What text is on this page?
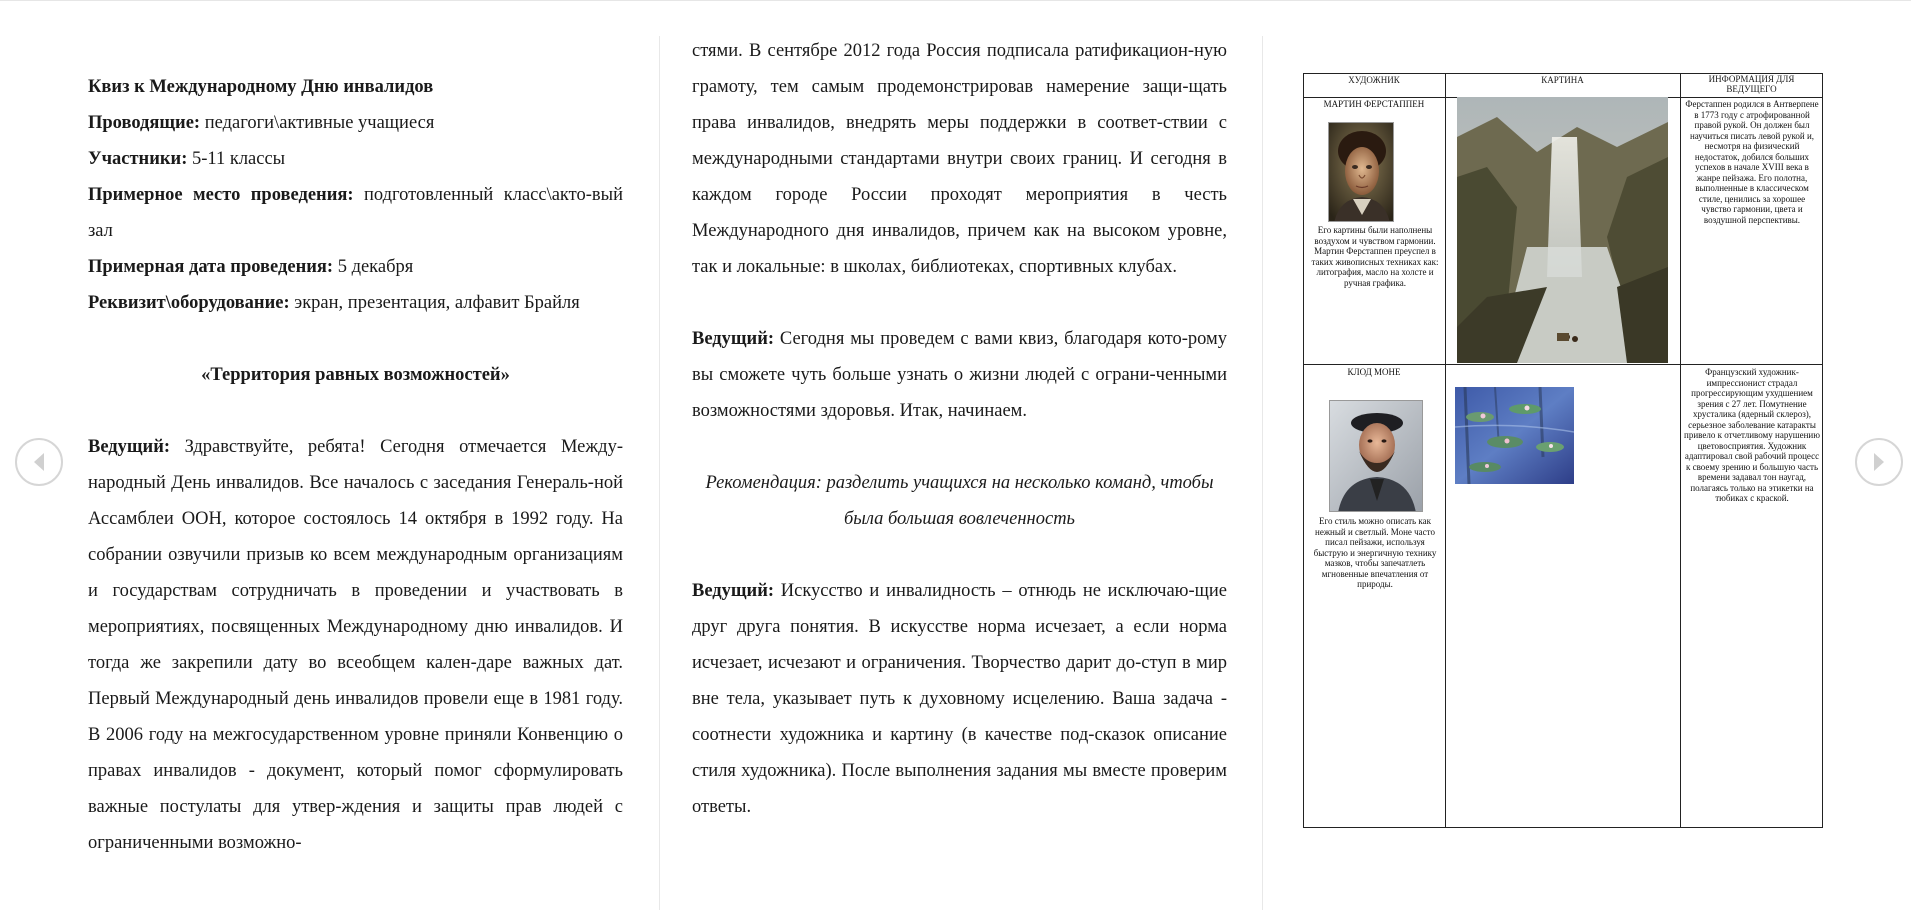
Квиз к Международному Дню инвалидов

Проводящие: педагоги\активные учащиеся

Участники: 5-11 классы

Примерное место проведения: подготовленный класс\акто-вый зал

Примерная дата проведения: 5 декабря

Реквизит\оборудование: экран, презентация, алфавит Брайля

«Территория равных возможностей»

Ведущий: Здравствуйте, ребята! Сегодня отмечается Между-народный День инвалидов. Все началось с заседания Генераль-ной Ассамблеи ООН, которое состоялось 14 октября в 1992 году. На собрании озвучили призыв ко всем международным организациям и государствам сотрудничать в проведении и участвовать в мероприятиях, посвященных Международному дню инвалидов. И тогда же закрепили дату во всеобщем кален-даре важных дат. Первый Международный день инвалидов провели еще в 1981 году. В 2006 году на межгосударственном уровне приняли Конвенцию о правах инвалидов - документ, который помог сформулировать важные постулаты для утвер-ждения и защиты прав людей с ограниченными возможно-

стями. В сентябре 2012 года Россия подписала ратификацион-ную грамоту, тем самым продемонстрировав намерение защи-щать права инвалидов, внедрять меры поддержки в соответ-ствии с международными стандартами внутри своих границ. И сегодня в каждом городе России проходят мероприятия в честь Международного дня инвалидов, причем как на высоком уровне, так и локальные: в школах, библиотеках, спортивных клубах.

Ведущий: Сегодня мы проведем с вами квиз, благодаря кото-рому вы сможете чуть больше узнать о жизни людей с ограни-ченными возможностями здоровья. Итак, начинаем.

Рекомендация: разделить учащихся на несколько команд, чтобы была большая вовлеченность

Ведущий: Искусство и инвалидность – отнюдь не исключаю-щие друг друга понятия. В искусстве норма исчезает, а если норма исчезает, исчезают и ограничения. Творчество дарит до-ступ в мир вне тела, указывает путь к духовному исцелению. Ваша задача - соотнести художника и картину (в качестве под-сказок описание стиля художника). После выполнения задания мы вместе проверим ответы.

ХУДОЖНИК	КАРТИНА	ИНФОРМАЦИЯ ДЛЯ ВЕДУЩЕГО
МАРТИН ФЕРСТАППЕН
Его картины были наполнены воздухом и чувством гармонии. Мартин Ферстаппен преуспел в таких живописных техниках как: литография, масло на холсте и ручная графика.
Ферстаппен родился в Антверпене в 1773 году с атрофированной правой рукой. Он должен был научиться писать левой рукой и, несмотря на физический недостаток, добился больших успехов в начале XVIII века в жанре пейзажа. Его полотна, выполненные в классическом стиле, ценились за хорошее чувство гармонии, цвета и воздушной перспективы.
КЛОД МОНЕ
Его стиль можно описать как нежный и светлый. Моне часто писал пейзажи, используя быструю и энергичную технику мазков, чтобы запечатлеть мгновенные впечатления от природы.
Французский художник-импрессионист страдал прогрессирующим ухудшением зрения с 27 лет. Помутнение хрусталика (ядерный склероз), серьезное заболевание катаракты привело к отчетливому нарушению цветовосприятия. Художник адаптировал свой рабочий процесс к своему зрению и большую часть времени задавал тон наугад, полагаясь только на этикетки на тюбиках с краской.
